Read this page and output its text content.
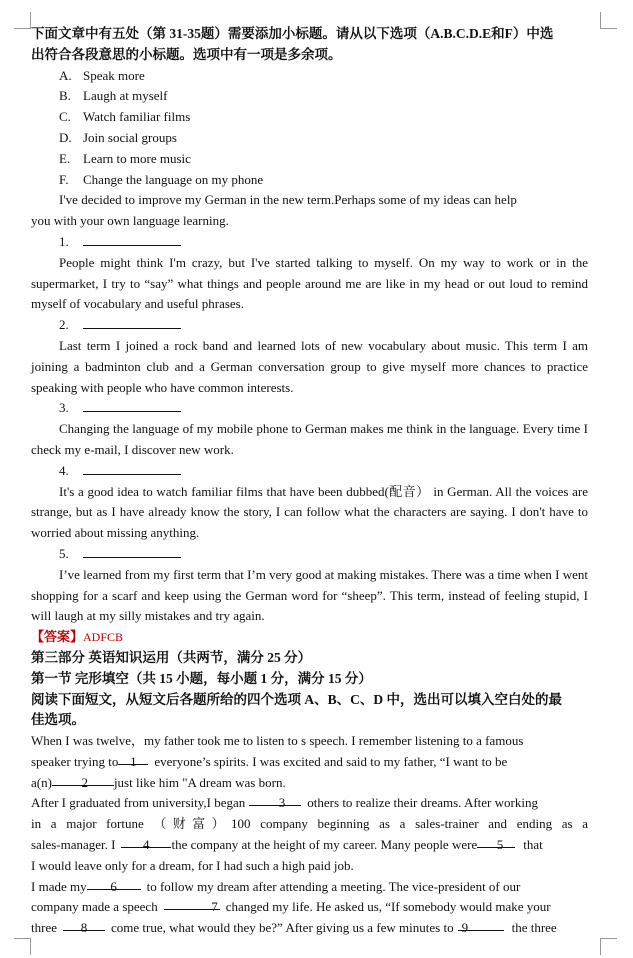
下面文章中有五处（第 31-35题）需要添加小标题。请从以下选项（A.B.C.D.E和F）中选
出符合各段意思的小标题。选项中有一项是多余项。
A. Speak more
B. Laugh at myself
C. Watch familiar films
D. Join social groups
E. Learn to more music
F. Change the language on my phone
I've decided to improve my German in the new term.Perhaps some of my ideas can help
you with your own language learning.
1.
People might think I'm crazy, but I've started talking to myself. On my way to work or in the supermarket, I try to “say” what things and people around me are like in my head or out loud to remind myself of vocabulary and useful phrases.
2.
Last term I joined a rock band and learned lots of new vocabulary about music. This term I am joining a badminton club and a German conversation group to give myself more chances to practice speaking with people who have common interests.
3.
Changing the language of my mobile phone to German makes me think in the language. Every time I check my e-mail, I discover new work.
4.
It's a good idea to watch familiar films that have been dubbed(配音） in German. All the voices are strange, but as I have already know the story, I can follow what the characters are saying. I don't have to worried about missing anything.
5.
I’ve learned from my first term that I’m very good at making mistakes. There was a time when I went shopping for a scarf and keep using the German word for “sheep”. This term, instead of feeling stupid, I will laugh at my silly mistakes and try again.
【答案】ADFCB
第三部分 英语知识运用（共两节，满分 25 分）
第一节 完形填空（共 15 小题，每小题 1 分，满分 15 分）
阅读下面短文，从短文后各题所给的四个选项 A、B、C、D 中，选出可以填入空白处的最
佳选项。
When I was twelve，my father took me to listen to s speech. I remember listening to a famous
speaker trying to 1 everyone’s spirits. I was excited and said to my father, “I want to be
a(n) 2 just like him "A dream was born.
After I graduated from university,I began	3 others to realize their dreams. After working
in a major fortune （财富）100 company beginning as a sales-trainer and ending as a
sales-manager. I 4 the company at the height of my career. Many people were 5 that
I would leave only for a dream, for I had such a high paid job.
I made my 6 to follow my dream after attending a meeting. The vice-president of our
company made a speech	7 changed my life. He asked us, “If somebody would make your
three 8 come true, what would they be?” After giving us a few minutes to 9	the three
